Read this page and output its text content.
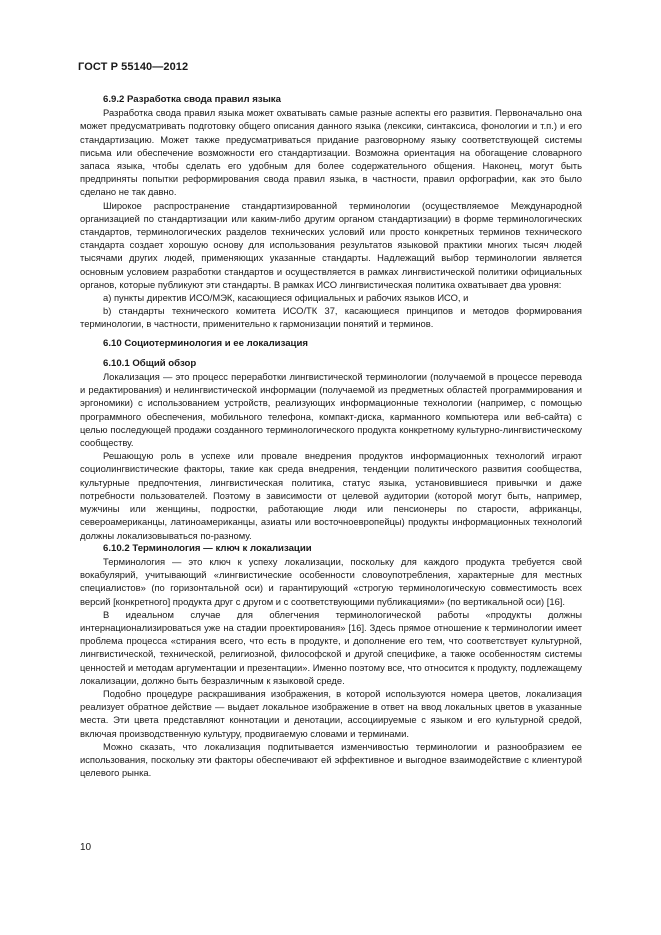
ГОСТ Р 55140—2012
6.9.2 Разработка свода правил языка

Разработка свода правил языка может охватывать самые разные аспекты его развития. Первоначально она может предусматривать подготовку общего описания данного языка (лексики, синтаксиса, фонологии и т.п.) и его стандартизацию. Может также предусматриваться придание разговорному языку соответствующей системы письма или обеспечение возможности его стандартизации. Возможна ориентация на обогащение словарного запаса языка, чтобы сделать его удобным для более содержательного общения. Наконец, могут быть предприняты попытки реформирования свода правил языка, в частности, правил орфографии, как это было сделано не так давно.

Широкое распространение стандартизированной терминологии (осуществляемое Международной организацией по стандартизации или каким-либо другим органом стандартизации) в форме терминологических стандартов, терминологических разделов технических условий или просто конкретных терминов технического стандарта создает хорошую основу для использования результатов языковой практики многих тысяч людей тысячами других людей, применяющих указанные стандарты. Надлежащий выбор терминологии является основным условием разработки стандартов и осуществляется в рамках лингвистической политики официальных органов, которые публикуют эти стандарты. В рамках ИСО лингвистическая политика охватывает два уровня:

a) пункты директив ИСО/МЭК, касающиеся официальных и рабочих языков ИСО, и

b) стандарты технического комитета ИСО/ТК 37, касающиеся принципов и методов формирования терминологии, в частности, применительно к гармонизации понятий и терминов.

6.10 Социотерминология и ее локализация
6.10.1 Общий обзор

Локализация — это процесс переработки лингвистической терминологии (получаемой в процессе перевода и редактирования) и нелингвистической информации (получаемой из предметных областей программирования и эргономики) с использованием устройств, реализующих информационные технологии (например, с помощью программного обеспечения, мобильного телефона, компакт-диска, карманного компьютера или веб-сайта) с целью последующей продажи созданного терминологического продукта конкретному культурно-лингвистическому сообществу.

Решающую роль в успехе или провале внедрения продуктов информационных технологий играют социолингвистические факторы, такие как среда внедрения, тенденции политического развития сообщества, культурные предпочтения, лингвистическая политика, статус языка, установившиеся привычки и даже потребности пользователей. Поэтому в зависимости от целевой аудитории (которой могут быть, например, мужчины или женщины, подростки, работающие люди или пенсионеры по старости, африканцы, североамериканцы, латиноамериканцы, азиаты или восточноевропейцы) продукты информационных технологий должны локализовываться по-разному.

6.10.2 Терминология — ключ к локализации

Терминология — это ключ к успеху локализации, поскольку для каждого продукта требуется свой вокабулярий, учитывающий «лингвистические особенности словоупотребления, характерные для местных специалистов» (по горизонтальной оси) и гарантирующий «строгую терминологическую совместимость всех версий [конкретного] продукта друг с другом и с соответствующими публикациями» (по вертикальной оси) [16].

В идеальном случае для облегчения терминологической работы «продукты должны интернационализироваться уже на стадии проектирования» [16]. Здесь прямое отношение к терминологии имеет проблема процесса «стирания всего, что есть в продукте, и дополнение его тем, что соответствует культурной, лингвистической, технической, религиозной, философской и другой специфике, а также особенностям системы ценностей и методам аргументации и презентации». Именно поэтому все, что относится к продукту, подлежащему локализации, должно быть безразличным к языковой среде.

Подобно процедуре раскрашивания изображения, в которой используются номера цветов, локализация реализует обратное действие — выдает локальное изображение в ответ на ввод локальных цветов в указанные места. Эти цвета представляют коннотации и денотации, ассоциируемые с языком и его культурной средой, включая производственную культуру, продвигаемую словами и терминами.

Можно сказать, что локализация подпитывается изменчивостью терминологии и разнообразием ее использования, поскольку эти факторы обеспечивают ей эффективное и выгодное взаимодействие с клиентурой целевого рынка.

10
